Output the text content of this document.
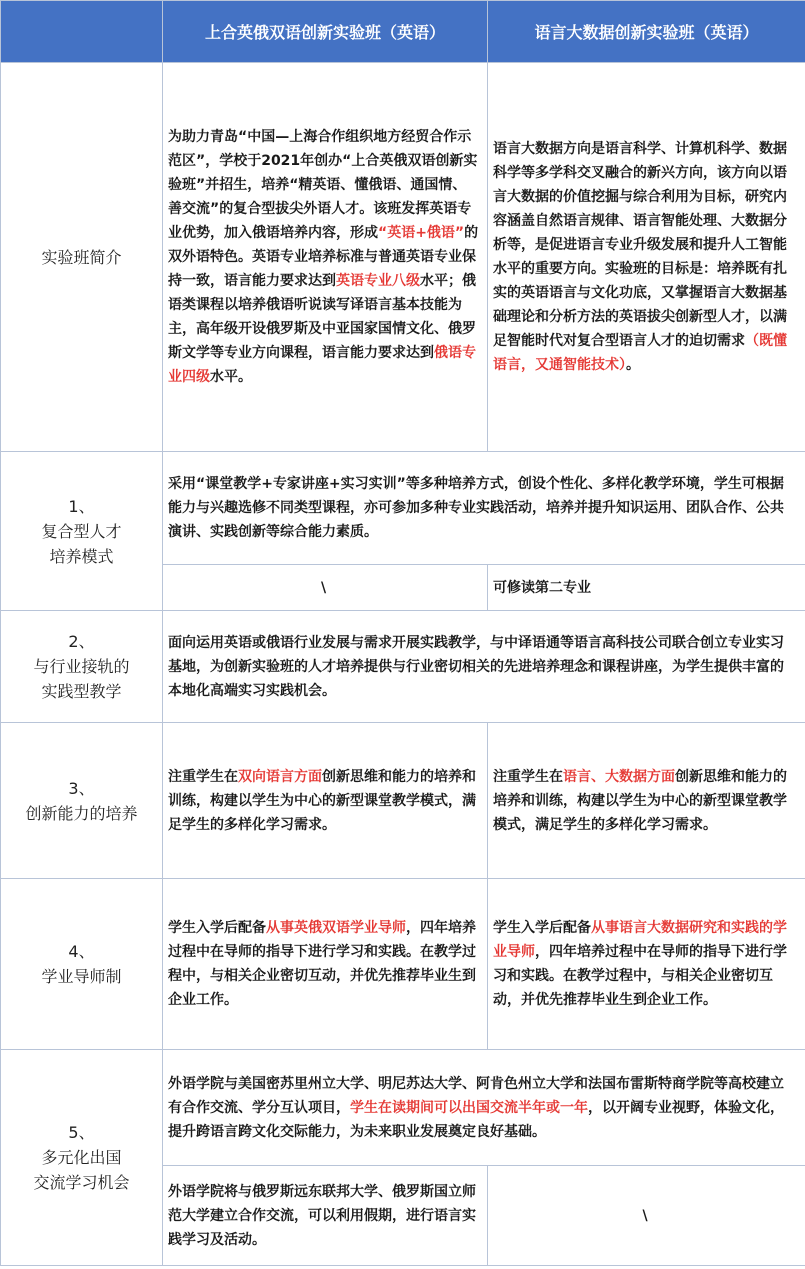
	上合英俄双语创新实验班（英语）	语言大数据创新实验班（英语）
实验班简介	为助力青岛“中国—上海合作组织地方经贸合作示范区”，学校于2021年创办“上合英俄双语创新实验班”并招生，培养“精英语、懂俄语、通国情、善交流”的复合型拔尖外语人才。该班发挥英语专业优势，加入俄语培养内容，形成“英语+俄语”的双外语特色。英语专业培养标准与普通英语专业保持一致，语言能力要求达到英语专业八级水平；俄语类课程以培养俄语听说读写译语言基本技能为主，高年级开设俄罗斯及中亚国家国情文化、俄罗斯文学等专业方向课程，语言能力要求达到俄语专业四级水平。	语言大数据方向是语言科学、计算机科学、数据科学等多学科交叉融合的新兴方向，该方向以语言大数据的价值挖掘与综合利用为目标，研究内容涵盖自然语言规律、语言智能处理、大数据分析等，是促进语言专业升级发展和提升人工智能水平的重要方向。实验班的目标是：培养既有扎实的英语语言与文化功底，又掌握语言大数据基础理论和分析方法的英语拔尖创新型人才，以满足智能时代对复合型语言人才的迫切需求（既懂语言，又通智能技术）。

1、
复合型人才
培养模式	采用“课堂教学+专家讲座+实习实训”等多种培养方式，创设个性化、多样化教学环境，学生可根据能力与兴趣选修不同类型课程，亦可参加多种专业实践活动，培养并提升知识运用、团队合作、公共演讲、实践创新等综合能力素质。	
	\	可修读第二专业

2、
与行业接轨的
实践型教学	面向运用英语或俄语行业发展与需求开展实践教学，与中译语通等语言高科技公司联合创立专业实习基地，为创新实验班的人才培养提供与行业密切相关的先进培养理念和课程讲座，为学生提供丰富的本地化高端实习实践机会。	

3、
创新能力的培养	注重学生在双向语言方面创新思维和能力的培养和训练，构建以学生为中心的新型课堂教学模式，满足学生的多样化学习需求。	注重学生在语言、大数据方面创新思维和能力的培养和训练，构建以学生为中心的新型课堂教学模式，满足学生的多样化学习需求。

4、
学业导师制	学生入学后配备从事英俄双语学业导师，四年培养过程中在导师的指导下进行学习和实践。在教学过程中，与相关企业密切互动，并优先推荐毕业生到企业工作。	学生入学后配备从事语言大数据研究和实践的学业导师，四年培养过程中在导师的指导下进行学习和实践。在教学过程中，与相关企业密切互动，并优先推荐毕业生到企业工作。

5、
多元化出国
交流学习机会	外语学院与美国密苏里州立大学、明尼苏达大学、阿肯色州立大学和法国布雷斯特商学院等高校建立有合作交流、学分互认项目，学生在读期间可以出国交流半年或一年，以开阔专业视野，体验文化，提升跨语言跨文化交际能力，为未来职业发展奠定良好基础。	
	外语学院将与俄罗斯远东联邦大学、俄罗斯国立师范大学建立合作交流，可以利用假期，进行语言实践学习及活动。	\
